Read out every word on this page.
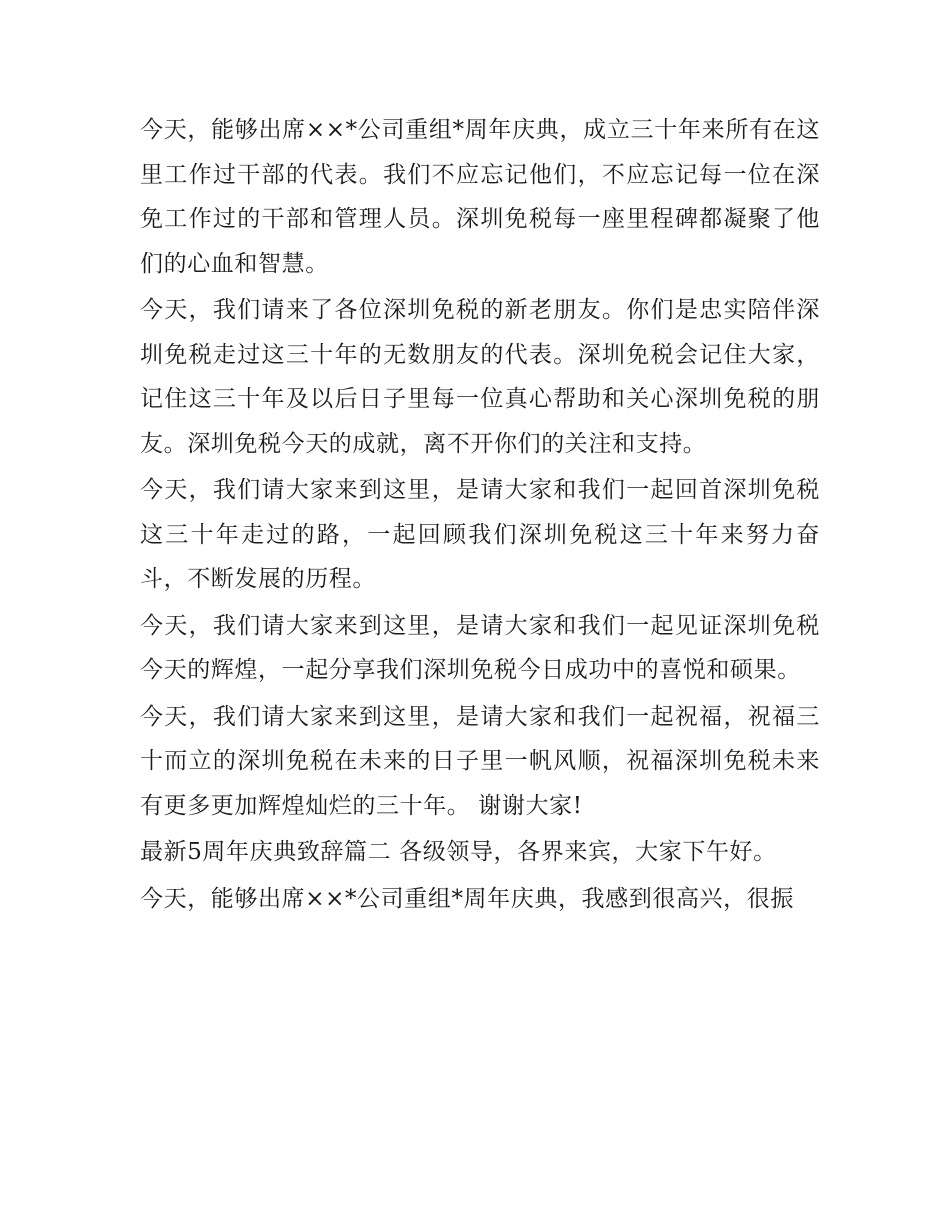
今天，能够出席××*公司重组*周年庆典，成立三十年来所有在这里工作过干部的代表。我们不应忘记他们，不应忘记每一位在深免工作过的干部和管理人员。深圳免税每一座里程碑都凝聚了他们的心血和智慧。

今天，我们请来了各位深圳免税的新老朋友。你们是忠实陪伴深圳免税走过这三十年的无数朋友的代表。深圳免税会记住大家，记住这三十年及以后日子里每一位真心帮助和关心深圳免税的朋友。深圳免税今天的成就，离不开你们的关注和支持。

今天，我们请大家来到这里，是请大家和我们一起回首深圳免税这三十年走过的路，一起回顾我们深圳免税这三十年来努力奋斗，不断发展的历程。

今天，我们请大家来到这里，是请大家和我们一起见证深圳免税今天的辉煌，一起分享我们深圳免税今日成功中的喜悦和硕果。

今天，我们请大家来到这里，是请大家和我们一起祝福，祝福三十而立的深圳免税在未来的日子里一帆风顺，祝福深圳免税未来有更多更加辉煌灿烂的三十年。 谢谢大家!

最新5周年庆典致辞篇二 各级领导，各界来宾，大家下午好。

今天，能够出席××*公司重组*周年庆典，我感到很高兴，很振
